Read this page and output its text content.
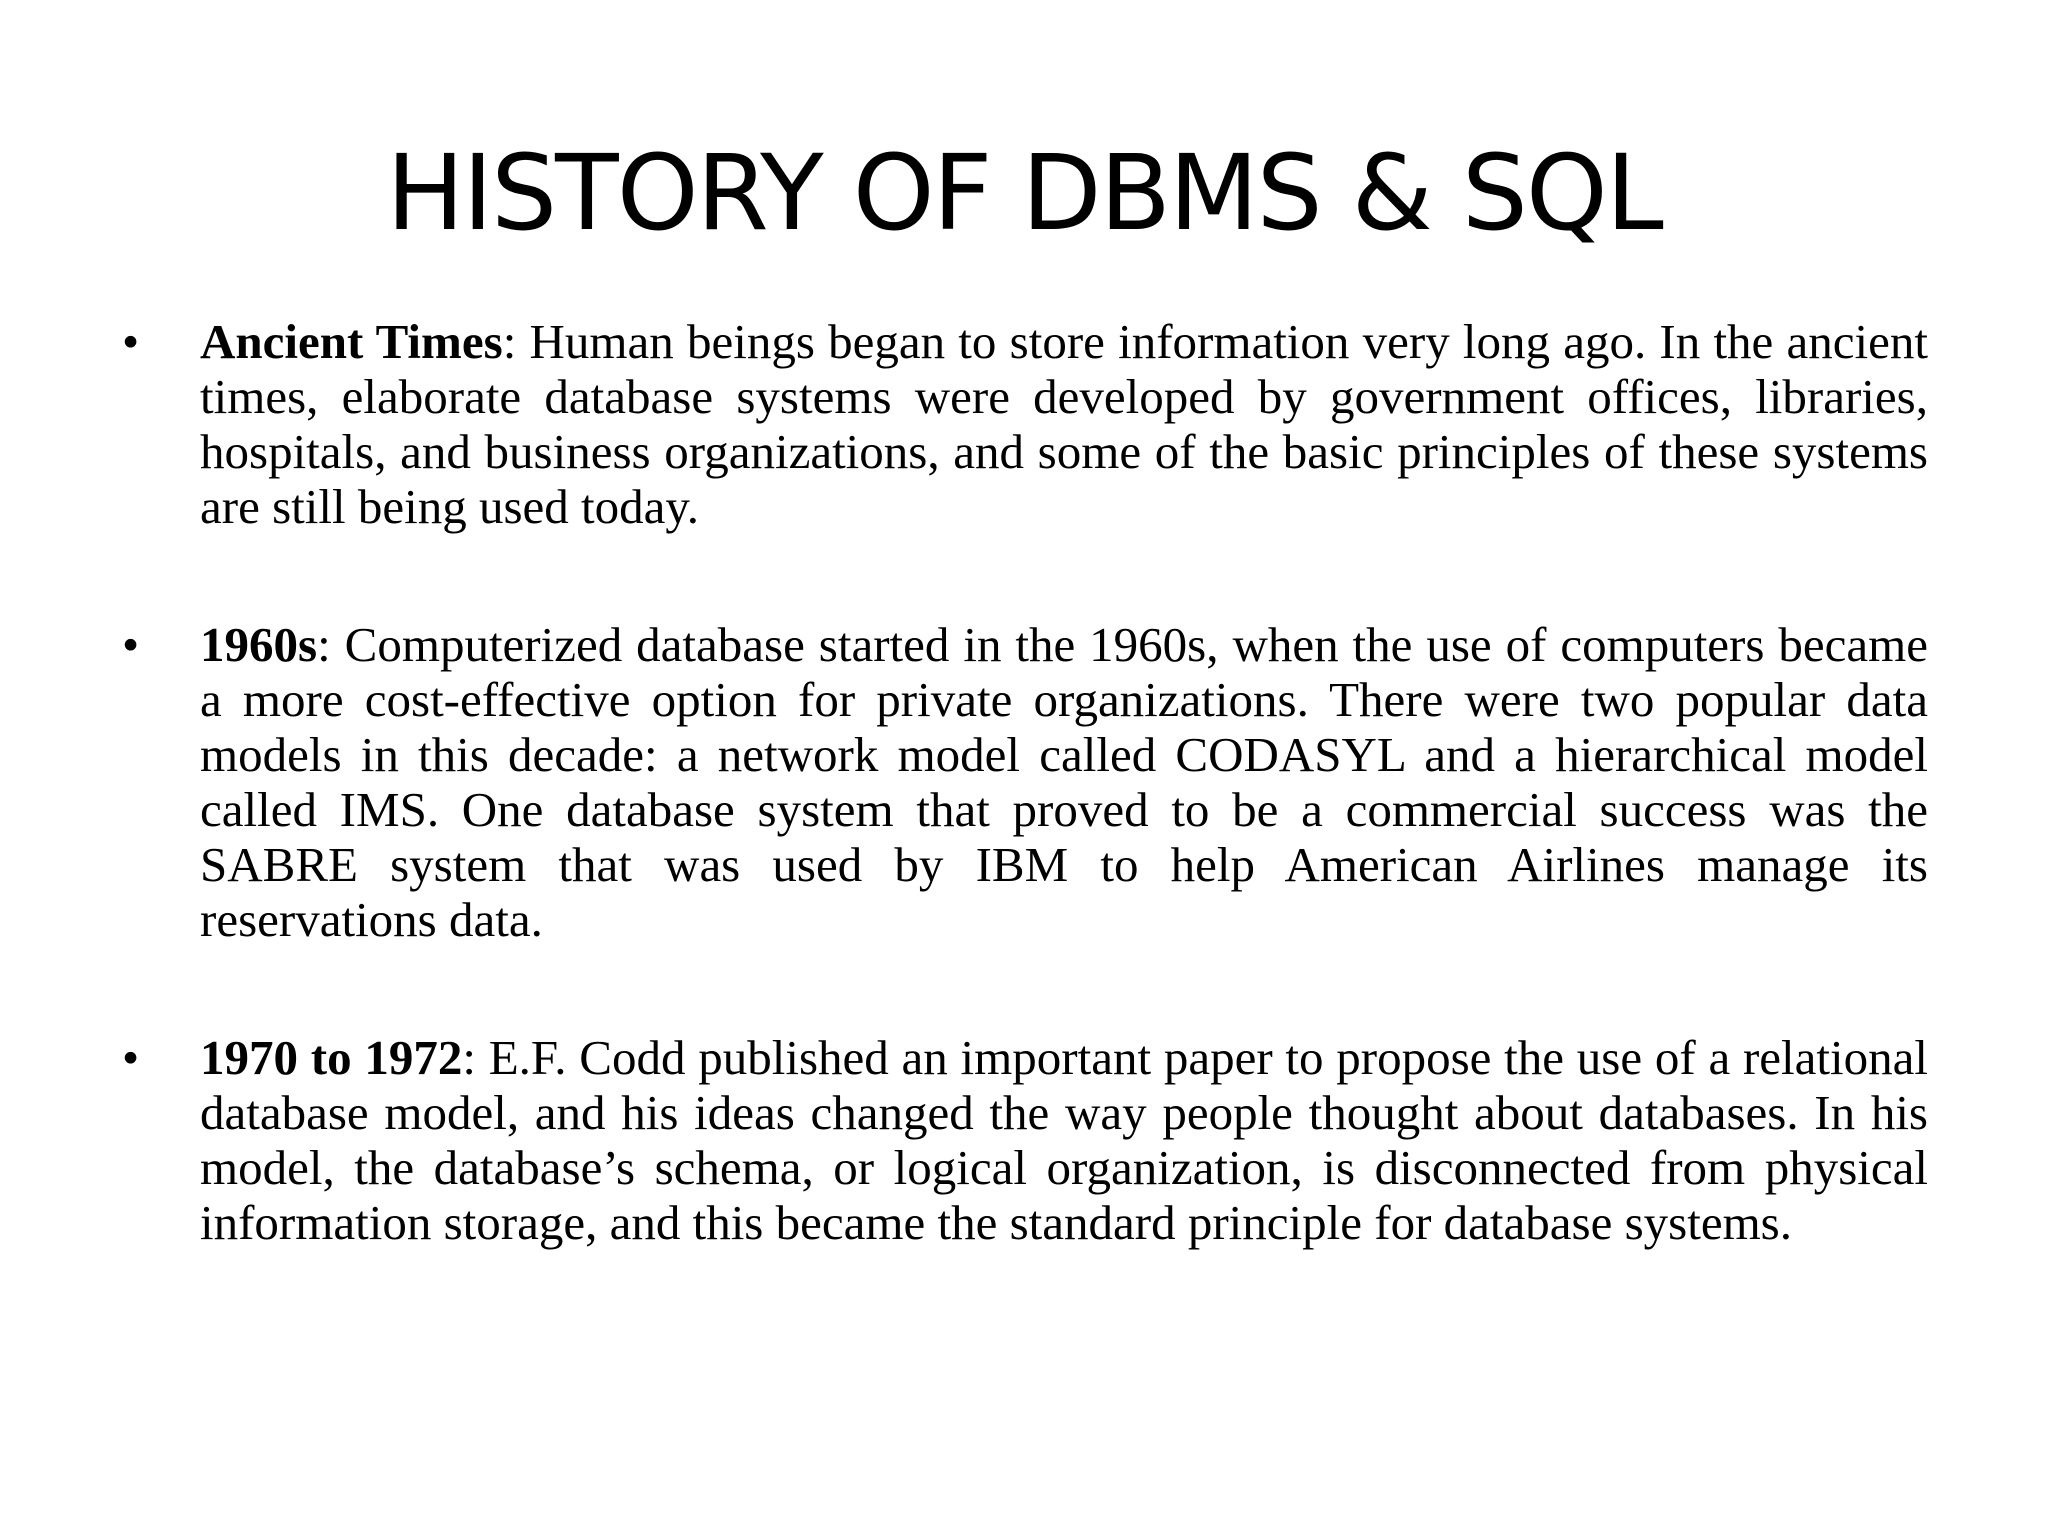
HISTORY OF DBMS & SQL
• Ancient Times: Human beings began to store information very long ago. In the ancient times, elaborate database systems were developed by government offices, libraries, hospitals, and business organizations, and some of the basic principles of these systems are still being used today.
• 1960s: Computerized database started in the 1960s, when the use of computers became a more cost-effective option for private organizations. There were two popular data models in this decade: a network model called CODASYL and a hierarchical model called IMS. One database system that proved to be a commercial success was the SABRE system that was used by IBM to help American Airlines manage its reservations data.
• 1970 to 1972: E.F. Codd published an important paper to propose the use of a relational database model, and his ideas changed the way people thought about databases. In his model, the database’s schema, or logical organization, is disconnected from physical information storage, and this became the standard principle for database systems.
